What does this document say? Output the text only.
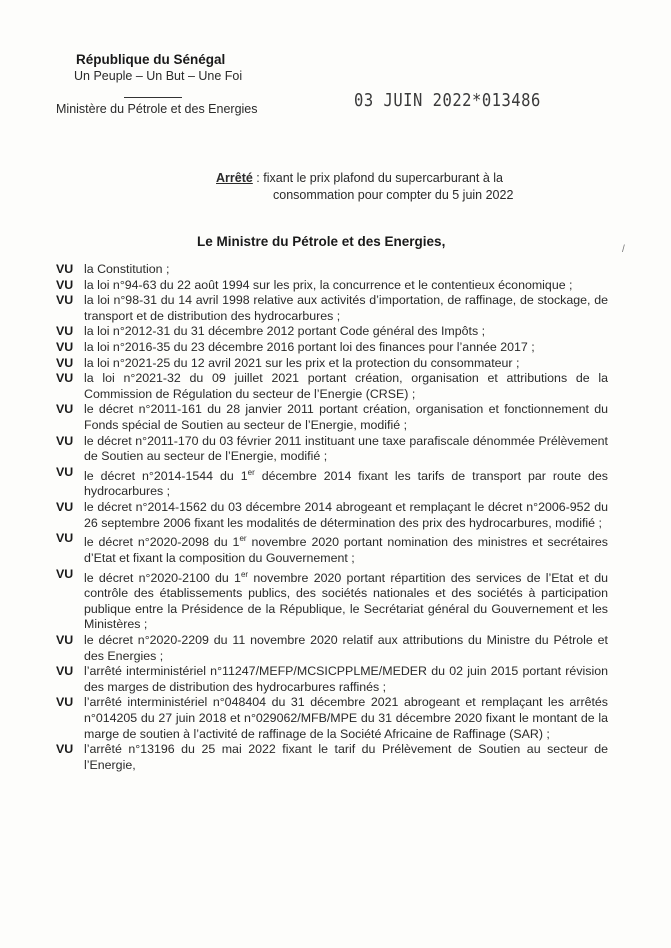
République du Sénégal
Un Peuple – Un But – Une Foi
Ministère du Pétrole et des Energies	03 JUIN 2022*013486
Arrêté : fixant le prix plafond du supercarburant à la
consommation pour compter du 5 juin 2022
Le Ministre du Pétrole et des Energies,
/
VU la Constitution ;
VU la loi n°94-63 du 22 août 1994 sur les prix, la concurrence et le contentieux économique ;
VU la loi n°98-31 du 14 avril 1998 relative aux activités d’importation, de raffinage, de stockage, de transport et de distribution des hydrocarbures ;
VU la loi n°2012-31 du 31 décembre 2012 portant Code général des Impôts ;
VU la loi n°2016-35 du 23 décembre 2016 portant loi des finances pour l’année 2017 ;
VU la loi n°2021-25 du 12 avril 2021 sur les prix et la protection du consommateur ;
VU la loi n°2021-32 du 09 juillet 2021 portant création, organisation et attributions de la Commission de Régulation du secteur de l’Energie (CRSE) ;
VU le décret n°2011-161 du 28 janvier 2011 portant création, organisation et fonctionnement du Fonds spécial de Soutien au secteur de l’Energie, modifié ;
VU le décret n°2011-170 du 03 février 2011 instituant une taxe parafiscale dénommée Prélèvement de Soutien au secteur de l’Energie, modifié ;
VU le décret n°2014-1544 du 1er décembre 2014 fixant les tarifs de transport par route des hydrocarbures ;
VU le décret n°2014-1562 du 03 décembre 2014 abrogeant et remplaçant le décret n°2006-952 du 26 septembre 2006 fixant les modalités de détermination des prix des hydrocarbures, modifié ;
VU le décret n°2020-2098 du 1er novembre 2020 portant nomination des ministres et secrétaires d’Etat et fixant la composition du Gouvernement ;
VU le décret n°2020-2100 du 1er novembre 2020 portant répartition des services de l’Etat et du contrôle des établissements publics, des sociétés nationales et des sociétés à participation publique entre la Présidence de la République, le Secrétariat général du Gouvernement et les Ministères ;
VU le décret n°2020-2209 du 11 novembre 2020 relatif aux attributions du Ministre du Pétrole et des Energies ;
VU l’arrêté interministériel n°11247/MEFP/MCSICPPLME/MEDER du 02 juin 2015 portant révision des marges de distribution des hydrocarbures raffinés ;
VU l’arrêté interministériel n°048404 du 31 décembre 2021 abrogeant et remplaçant les arrêtés n°014205 du 27 juin 2018 et n°029062/MFB/MPE du 31 décembre 2020 fixant le montant de la marge de soutien à l’activité de raffinage de la Société Africaine de Raffinage (SAR) ;
VU l’arrêté n°13196 du 25 mai 2022 fixant le tarif du Prélèvement de Soutien au secteur de l’Energie,
